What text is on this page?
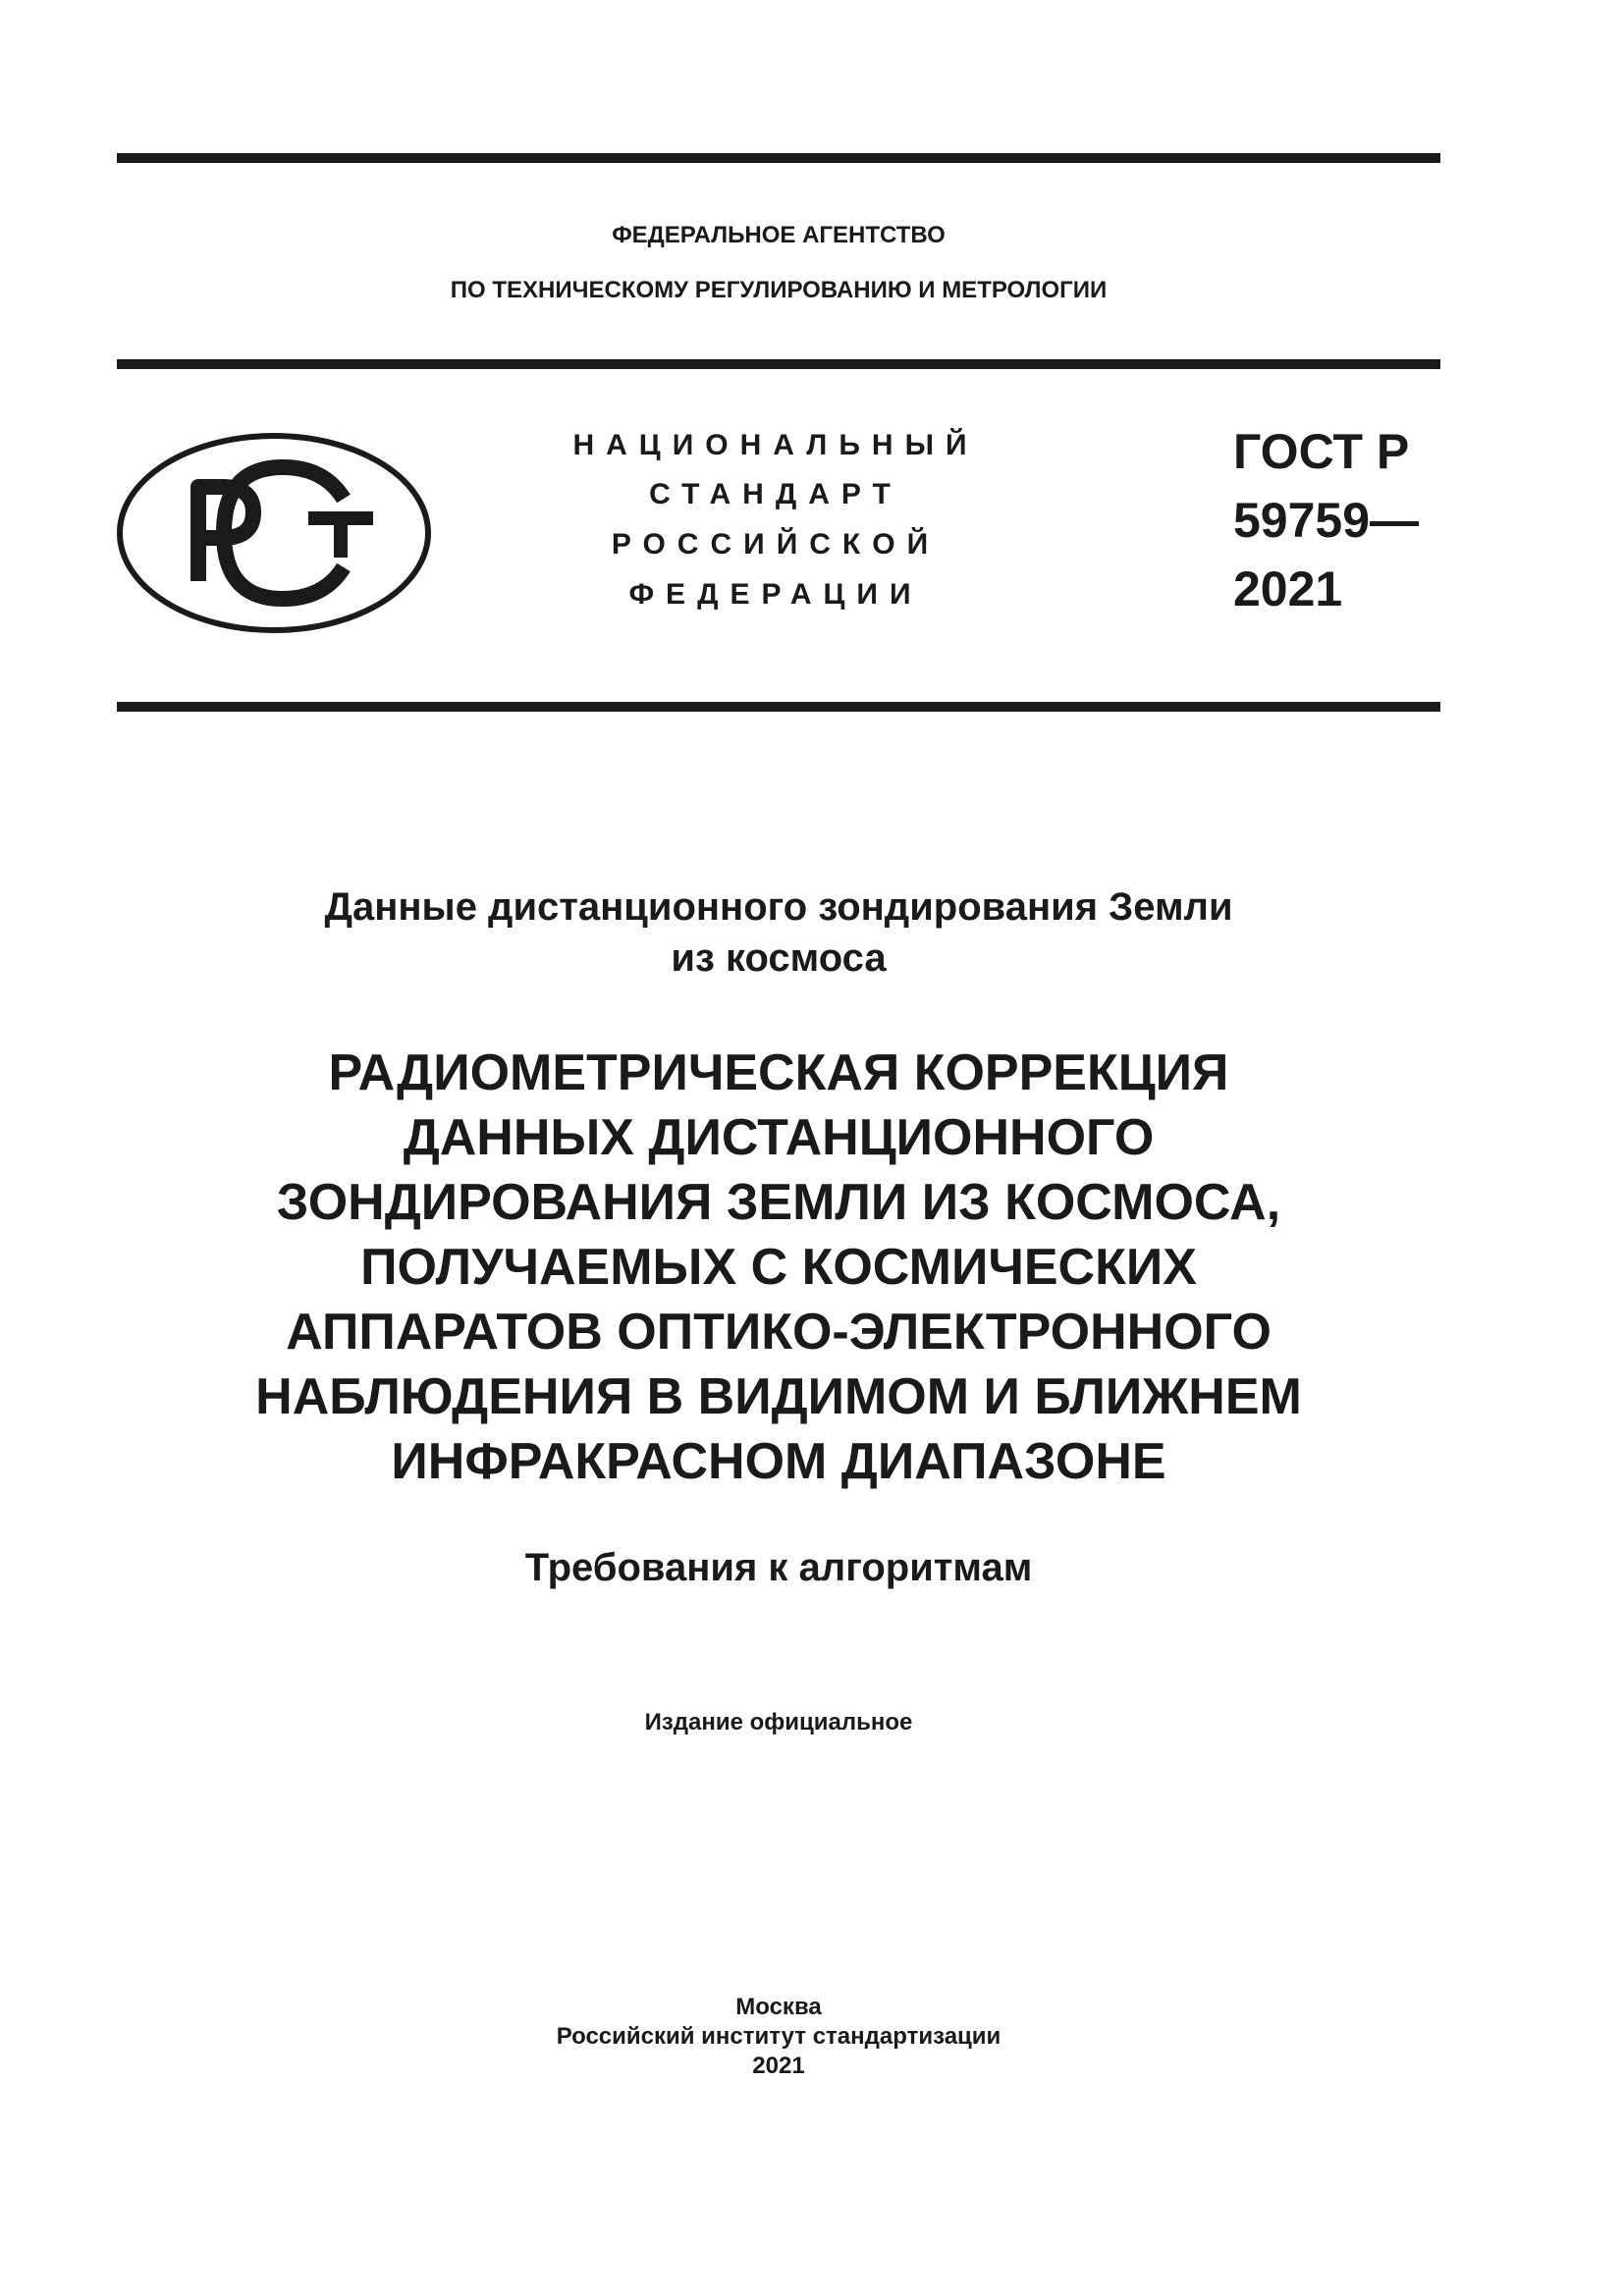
ФЕДЕРАЛЬНОЕ АГЕНТСТВО
ПО ТЕХНИЧЕСКОМУ РЕГУЛИРОВАНИЮ И МЕТРОЛОГИИ
НАЦИОНАЛЬНЫЙ
СТАНДАРТ
РОССИЙСКОЙ
ФЕДЕРАЦИИ
ГОСТ Р
59759—
2021
Данные дистанционного зондирования Земли
из космоса
РАДИОМЕТРИЧЕСКАЯ КОРРЕКЦИЯ
ДАННЫХ ДИСТАНЦИОННОГО
ЗОНДИРОВАНИЯ ЗЕМЛИ ИЗ КОСМОСА,
ПОЛУЧАЕМЫХ С КОСМИЧЕСКИХ
АППАРАТОВ ОПТИКО-ЭЛЕКТРОННОГО
НАБЛЮДЕНИЯ В ВИДИМОМ И БЛИЖНЕМ
ИНФРАКРАСНОМ ДИАПАЗОНЕ
Требования к алгоритмам
Издание официальное
Москва
Российский институт стандартизации
2021
